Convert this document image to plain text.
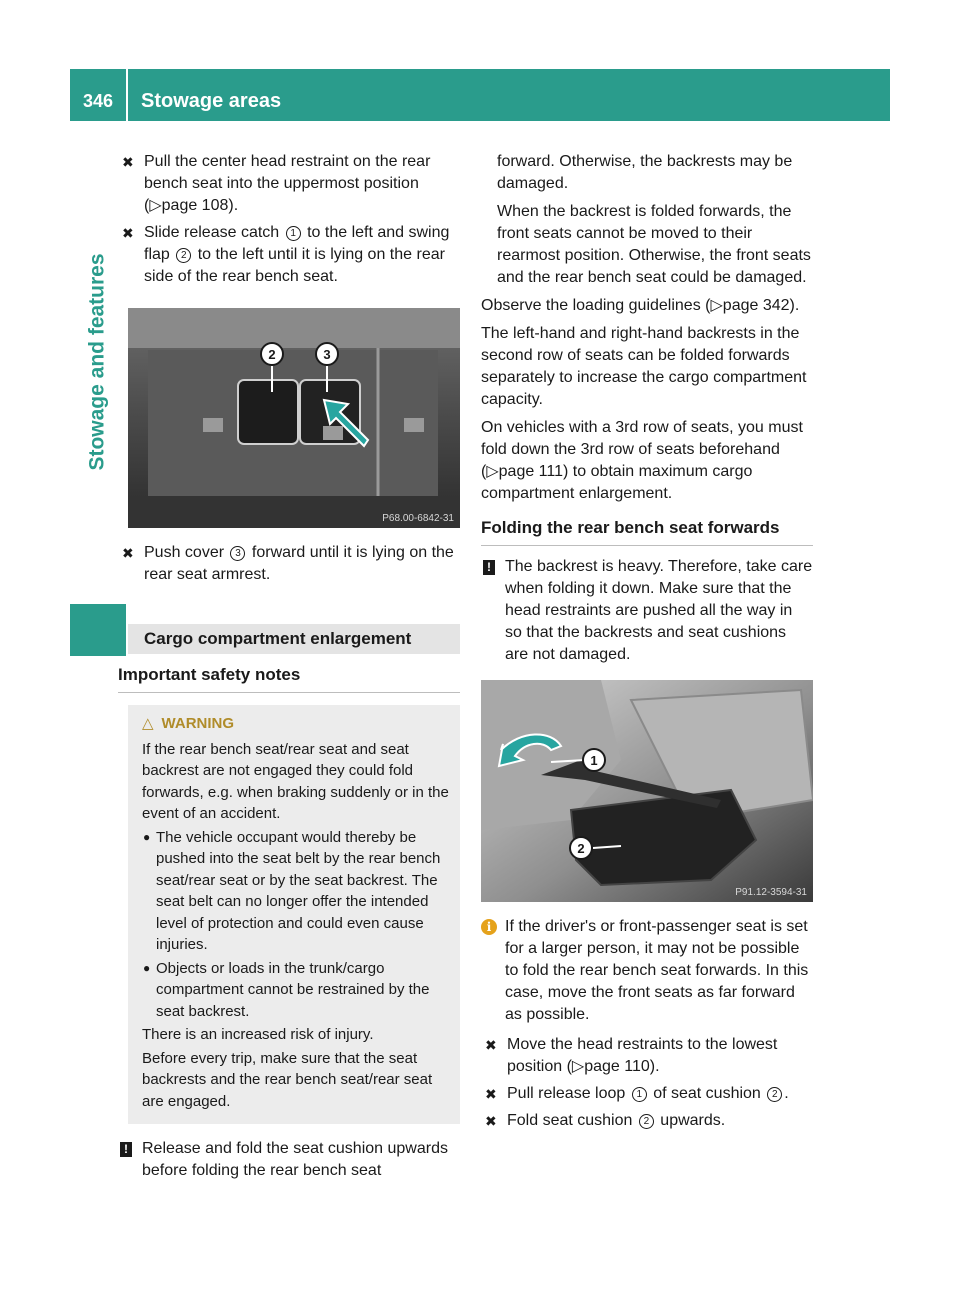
346	Stowage areas
Stowage and features
✖ Pull the center head restraint on the rear bench seat into the uppermost position (▷page 108).
✖ Slide release catch 1 to the left and swing flap 2 to the left until it is lying on the rear side of the rear bench seat.
2	3
P68.00-6842-31
✖ Push cover 3 forward until it is lying on the rear seat armrest.
Cargo compartment enlargement
Important safety notes
△ WARNING

If the rear bench seat/rear seat and seat backrest are not engaged they could fold forwards, e.g. when braking suddenly or in the event of an accident.

● The vehicle occupant would thereby be pushed into the seat belt by the rear bench seat/rear seat or by the seat backrest. The seat belt can no longer offer the intended level of protection and could even cause injuries.
● Objects or loads in the trunk/cargo compartment cannot be restrained by the seat backrest.

There is an increased risk of injury.

Before every trip, make sure that the seat backrests and the rear bench seat/rear seat are engaged.

! Release and fold the seat cushion upwards before folding the rear bench seat

forward. Otherwise, the backrests may be damaged.

When the backrest is folded forwards, the front seats cannot be moved to their rearmost position. Otherwise, the front seats and the rear bench seat could be damaged.

Observe the loading guidelines (▷page 342).

The left-hand and right-hand backrests in the second row of seats can be folded forwards separately to increase the cargo compartment capacity.

On vehicles with a 3rd row of seats, you must fold down the 3rd row of seats beforehand (▷page 111) to obtain maximum cargo compartment enlargement.

Folding the rear bench seat forwards
! The backrest is heavy. Therefore, take care when folding it down. Make sure that the head restraints are pushed all the way in so that the backrests and seat cushions are not damaged.
1
2
P91.12-3594-31
i If the driver's or front-passenger seat is set for a larger person, it may not be possible to fold the rear bench seat forwards. In this case, move the front seats as far forward as possible.
✖ Move the head restraints to the lowest position (▷page 110).
✖ Pull release loop 1 of seat cushion 2 .
✖ Fold seat cushion 2 upwards.
